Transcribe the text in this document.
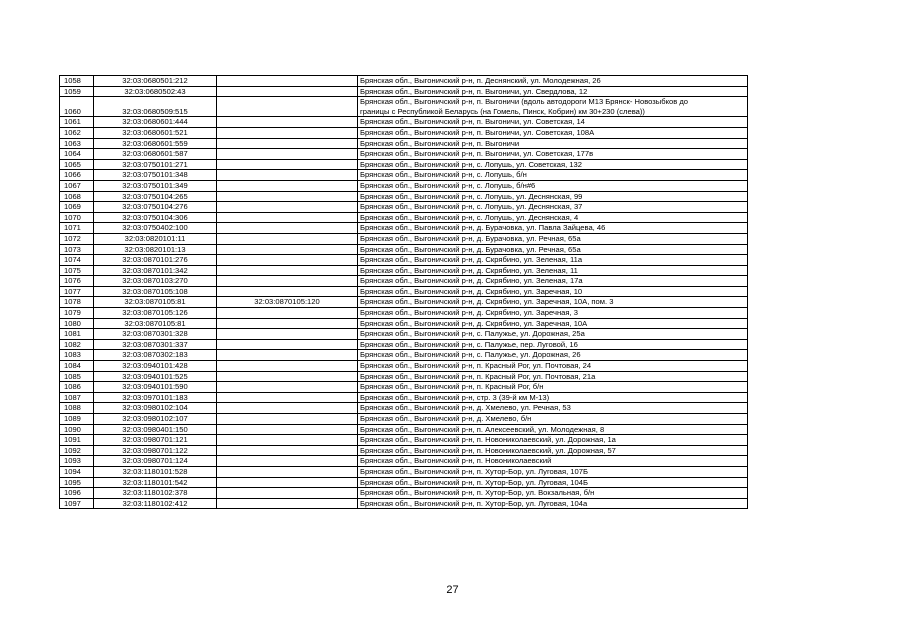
1058	32:03:0680501:212		Брянская обл., Выгоничский р-н, п. Деснянский, ул. Молодежная, 26
1059	32:03:0680502:43		Брянская обл., Выгоничский р-н, п. Выгоничи, ул. Свердлова, 12
1060	32:03:0680509:515		Брянская обл., Выгоничский р-н, п. Выгоничи (вдоль автодороги М13 Брянск- Новозыбков до
границы с Республикой Беларусь (на Гомель, Пинск, Кобрин) км 30+230 (слева))
1061	32:03:0680601:444		Брянская обл., Выгоничский р-н, п. Выгоничи, ул. Советская, 14
1062	32:03:0680601:521		Брянская обл., Выгоничский р-н, п. Выгоничи, ул. Советская, 108А
1063	32:03:0680601:559		Брянская обл., Выгоничский р-н, п. Выгоничи
1064	32:03:0680601:587		Брянская обл., Выгоничский р-н, п. Выгоничи, ул. Советская, 177в
1065	32:03:0750101:271		Брянская обл., Выгоничский р-н, с. Лопушь, ул. Советская, 132
1066	32:03:0750101:348		Брянская обл., Выгоничский р-н, с. Лопушь, б/н
1067	32:03:0750101:349		Брянская обл., Выгоничский р-н, с. Лопушь, б/н#6
1068	32:03:0750104:265		Брянская обл., Выгоничский р-н, с. Лопушь, ул. Деснянская, 99
1069	32:03:0750104:276		Брянская обл., Выгоничский р-н, с. Лопушь, ул. Деснянская, 37
1070	32:03:0750104:306		Брянская обл., Выгоничский р-н, с. Лопушь, ул. Деснянская, 4
1071	32:03:0750402:100		Брянская обл., Выгоничский р-н, д. Бурачовка, ул. Павла Зайцева, 46
1072	32:03:0820101:11		Брянская обл., Выгоничский р-н, д. Бурачовка, ул. Речная, 65а
1073	32:03:0820101:13		Брянская обл., Выгоничский р-н, д. Бурачовка, ул. Речная, 65а
1074	32:03:0870101:276		Брянская обл., Выгоничский р-н, д. Скрябино, ул. Зеленая, 11а
1075	32:03:0870101:342		Брянская обл., Выгоничский р-н, д. Скрябино, ул. Зеленая, 11
1076	32:03:0870103:270		Брянская обл., Выгоничский р-н, д. Скрябино, ул. Зеленая, 17а
1077	32:03:0870105:108		Брянская обл., Выгоничский р-н, д. Скрябино, ул. Заречная, 10
1078	32:03:0870105:81	32:03:0870105:120	Брянская обл., Выгоничский р-н, д. Скрябино, ул. Заречная, 10А, пом. 3
1079	32:03:0870105:126		Брянская обл., Выгоничский р-н, д. Скрябино, ул. Заречная, 3
1080	32:03:0870105:81		Брянская обл., Выгоничский р-н, д. Скрябино, ул. Заречная, 10А
1081	32:03:0870301:328		Брянская обл., Выгоничский р-н, с. Палужье, ул. Дорожная, 25а
1082	32:03:0870301:337		Брянская обл., Выгоничский р-н, с. Палужье, пер. Луговой, 16
1083	32:03:0870302:183		Брянская обл., Выгоничский р-н, с. Палужье, ул. Дорожная, 26
1084	32:03:0940101:428		Брянская обл., Выгоничский р-н, п. Красный Рог, ул. Почтовая, 24
1085	32:03:0940101:525		Брянская обл., Выгоничский р-н, п. Красный Рог, ул. Почтовая, 21а
1086	32:03:0940101:590		Брянская обл., Выгоничский р-н, п. Красный Рог, б/н
1087	32:03:0970101:183		Брянская обл., Выгоничский р-н, стр. 3 (39-й км М-13)
1088	32:03:0980102:104		Брянская обл., Выгоничский р-н, д. Хмелево, ул. Речная, 53
1089	32:03:0980102:107		Брянская обл., Выгоничский р-н, д. Хмелево, б/н
1090	32:03:0980401:150		Брянская обл., Выгоничский р-н, п. Алексеевский, ул. Молодежная, 8
1091	32:03:0980701:121		Брянская обл., Выгоничский р-н, п. Новониколаевский, ул. Дорожная, 1а
1092	32:03:0980701:122		Брянская обл., Выгоничский р-н, п. Новониколаевский, ул. Дорожная, 57
1093	32:03:0980701:124		Брянская обл., Выгоничский р-н, п. Новониколаевский
1094	32:03:1180101:528		Брянская обл., Выгоничский р-н, п. Хутор-Бор, ул. Луговая, 107Б
1095	32:03:1180101:542		Брянская обл., Выгоничский р-н, п. Хутор-Бор, ул. Луговая, 104Б
1096	32:03:1180102:378		Брянская обл., Выгоничский р-н, п. Хутор-Бор, ул. Вокзальная, б/н
1097	32:03:1180102:412		Брянская обл., Выгоничский р-н, п. Хутор-Бор, ул. Луговая, 104а
27
